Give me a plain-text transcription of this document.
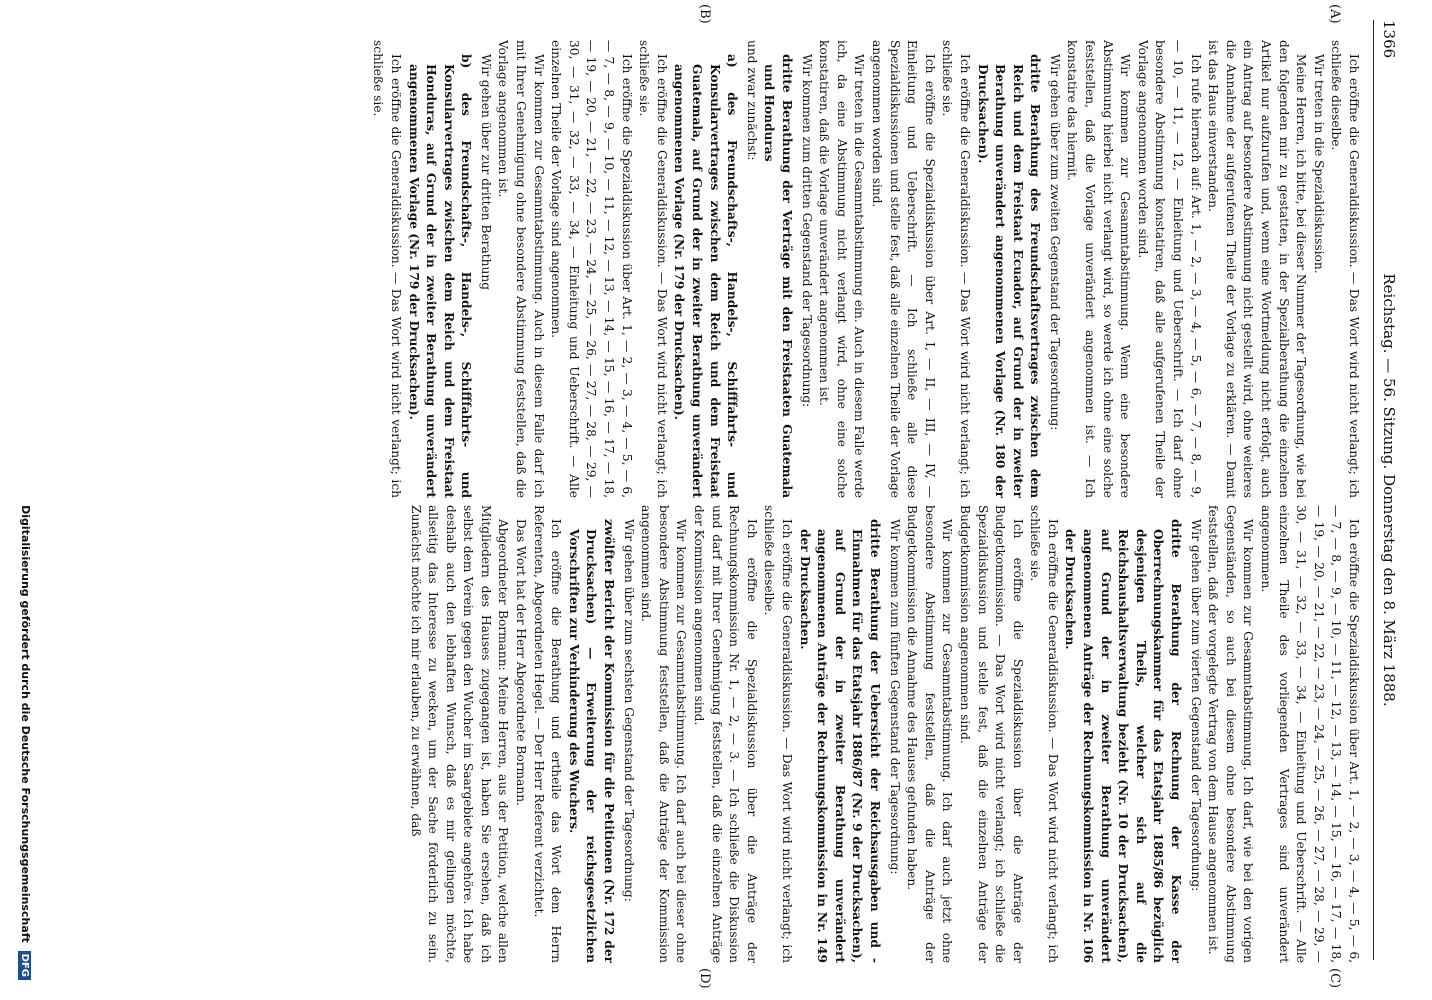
1366
Reichstag. — 56. Sitzung. Donnerstag den 8. März 1888.
(A)
(B)
(C)
(D)

Ich eröffne die Generaldiskussion. — Das Wort wird nicht verlangt; ich schließe dieselbe.

Wir treten in die Spezialdiskussion.

Meine Herren, ich bitte, bei dieser Nummer der Tagesordnung, wie bei den folgenden mir zu gestatten, in der Spezialberathung die einzelnen Artikel nur aufzurufen und, wenn eine Wortmeldung nicht erfolgt, auch ein Antrag auf besondere Abstimmung nicht gestellt wird, ohne weiteres die Annahme der aufgerufenen Theile der Vorlage zu erklären. — Damit ist das Haus einverstanden.

Ich rufe hiernach auf: Art. 1, — 2, — 3, — 4, — 5, — 6, — 7, — 8, — 9, — 10, — 11, — 12, — Einleitung und Ueberschrift. — Ich darf ohne besondere Abstimmung konstatiren, daß alle aufgerufenen Theile der Vorlage angenommen worden sind.

Wir kommen zur Gesammtabstimmung. Wenn eine besondere Abstimmung hierbei nicht verlangt wird, so werde ich ohne eine solche feststellen, daß die Vorlage unverändert angenommen ist. — Ich konstatire das hiermit.

Wir gehen über zum zweiten Gegenstand der Tagesordnung:

dritte Berathung des Freundschaftsvertrages zwischen dem Reich und dem Freistaat Ecuador, auf Grund der in zweiter Berathung unverändert angenommenen Vorlage (Nr. 180 der Drucksachen).

Ich eröffne die Generaldiskussion. — Das Wort wird nicht verlangt; ich schließe sie.

Ich eröffne die Spezialdiskussion über Art. I, — II, — III, — IV, — Einleitung und Ueberschrift. — Ich schließe alle diese Spezialdiskussionen und stelle fest, daß alle einzelnen Theile der Vorlage angenommen worden sind.

Wir treten in die Gesammtabstimmung ein. Auch in diesem Falle werde ich, da eine Abstimmung nicht verlangt wird, ohne eine solche konstatiren, daß die Vorlage unverändert angenommen ist.

Wir kommen zum dritten Gegenstand der Tagesordnung:

dritte Berathung der Verträge mit den Freistaaten Guatemala und Honduras

und zwar zunächst:

a) des Freundschafts-, Handels-, Schifffahrts- und Konsularvertrages zwischen dem Reich und dem Freistaat Guatemala, auf Grund der in zweiter Berathung unverändert angenommenen Vorlage (Nr. 179 der Drucksachen).

Ich eröffne die Generaldiskussion. — Das Wort wird nicht verlangt; ich schließe sie.

Ich eröffne die Spezialdiskussion über Art. 1, — 2, — 3, — 4, — 5, — 6, — 7, — 8, — 9, — 10, — 11, — 12, — 13, — 14, — 15, — 16, — 17, — 18, — 19, — 20, — 21, — 22, — 23, — 24, — 25, — 26, — 27, — 28, — 29, — 30, — 31, — 32, — 33, — 34, — Einleitung und Ueberschrift. — Alle einzelnen Theile der Vorlage sind angenommen.

Wir kommen zur Gesammtabstimmung. Auch in diesem Falle darf ich mit Ihrer Genehmigung ohne besondere Abstimmung feststellen, daß die Vorlage angenommen ist.

Wir gehen über zur dritten Berathung

b) des Freundschafts-, Handels-, Schifffahrts- und Konsularvertrages zwischen dem Reich und dem Freistaat Honduras, auf Grund der in zweiter Berathung unverändert angenommenen Vorlage (Nr. 179 der Drucksachen).

Ich eröffne die Generaldiskussion. — Das Wort wird nicht verlangt; ich schließe sie.

Ich eröffne die Spezialdiskussion über Art. 1, — 2, — 3, — 4, — 5, — 6, — 7, — 8, — 9, — 10, — 11, — 12, — 13, — 14, — 15, — 16, — 17, — 18, — 19, — 20, — 21, — 22, — 23, — 24, — 25, — 26, — 27, — 28, — 29, — 30, — 31, — 32, — 33, — 34, — Einleitung und Ueberschrift. — Alle einzelnen Theile des vorliegenden Vertrages sind unverändert angenommen.

Wir kommen zur Gesammtabstimmung. Ich darf, wie bei den vorigen Gegenständen, so auch bei diesem ohne besondere Abstimmung feststellen, daß der vorgelegte Vertrag von dem Hause angenommen ist.

Wir gehen über zum vierten Gegenstand der Tagesordnung:

dritte Berathung der Rechnung der Kasse der Oberrechnungskammer für das Etatsjahr 1885/86 bezüglich desjenigen Theils, welcher sich auf die Reichshaushaltsverwaltung bezieht (Nr. 10 der Drucksachen), auf Grund der in zweiter Berathung unverändert angenommenen Anträge der Rechnungskommission in Nr. 106 der Drucksachen.

Ich eröffne die Generaldiskussion. — Das Wort wird nicht verlangt; ich schließe sie.

Ich eröffne die Spezialdiskussion über die Anträge der Budgetkommission. — Das Wort wird nicht verlangt; ich schließe die Spezialdiskussion und stelle fest, daß die einzelnen Anträge der Budgetkommission angenommen sind.

Wir kommen zur Gesammtabstimmung. Ich darf auch jetzt ohne besondere Abstimmung feststellen, daß die Anträge der Budgetkommission die Annahme des Hauses gefunden haben.

Wir kommen zum fünften Gegenstand der Tagesordnung:

dritte Berathung der Uebersicht der Reichsausgaben und -Einnahmen für das Etatsjahr 1886/87 (Nr. 9 der Drucksachen), auf Grund der in zweiter Berathung unverändert angenommenen Anträge der Rechnungskommission in Nr. 149 der Drucksachen.

Ich eröffne die Generaldiskussion. — Das Wort wird nicht verlangt; ich schließe dieselbe.

Ich eröffne die Spezialdiskussion über die Anträge der Rechnungskommission Nr. 1, — 2, — 3. — Ich schließe die Diskussion und darf mit Ihrer Genehmigung feststellen, daß die einzelnen Anträge der Kommission angenommen sind.

Wir kommen zur Gesammtabstimmung. Ich darf auch bei dieser ohne besondere Abstimmung feststellen, daß die Anträge der Kommission angenommen sind.

Wir gehen über zum sechsten Gegenstand der Tagesordnung:

zwölfter Bericht der Kommission für die Petitionen (Nr. 172 der Drucksachen) — Erweiterung der reichsgesetzlichen Vorschriften zur Verhinderung des Wuchers.

Ich eröffne die Berathung und ertheile das Wort dem Herrn Referenten, Abgeordneten Hegel. — Der Herr Referent verzichtet.

Das Wort hat der Herr Abgeordnete Bormann.

Abgeordneter Bormann: Meine Herren, aus der Petition, welche allen Mitgliedern des Hauses zugegangen ist, haben Sie ersehen, daß ich selbst dem Verein gegen den Wucher im Saargebiete angehöre. Ich habe deshalb auch den lebhaften Wunsch, daß es mir gelingen möchte, allseitig das Interesse zu wecken, um der Sache förderlich zu sein. Zunächst möchte ich mir erlauben, zu erwähnen, daß

Digitalisierung gefördert durch die Deutsche Forschungsgemeinschaft DFG
